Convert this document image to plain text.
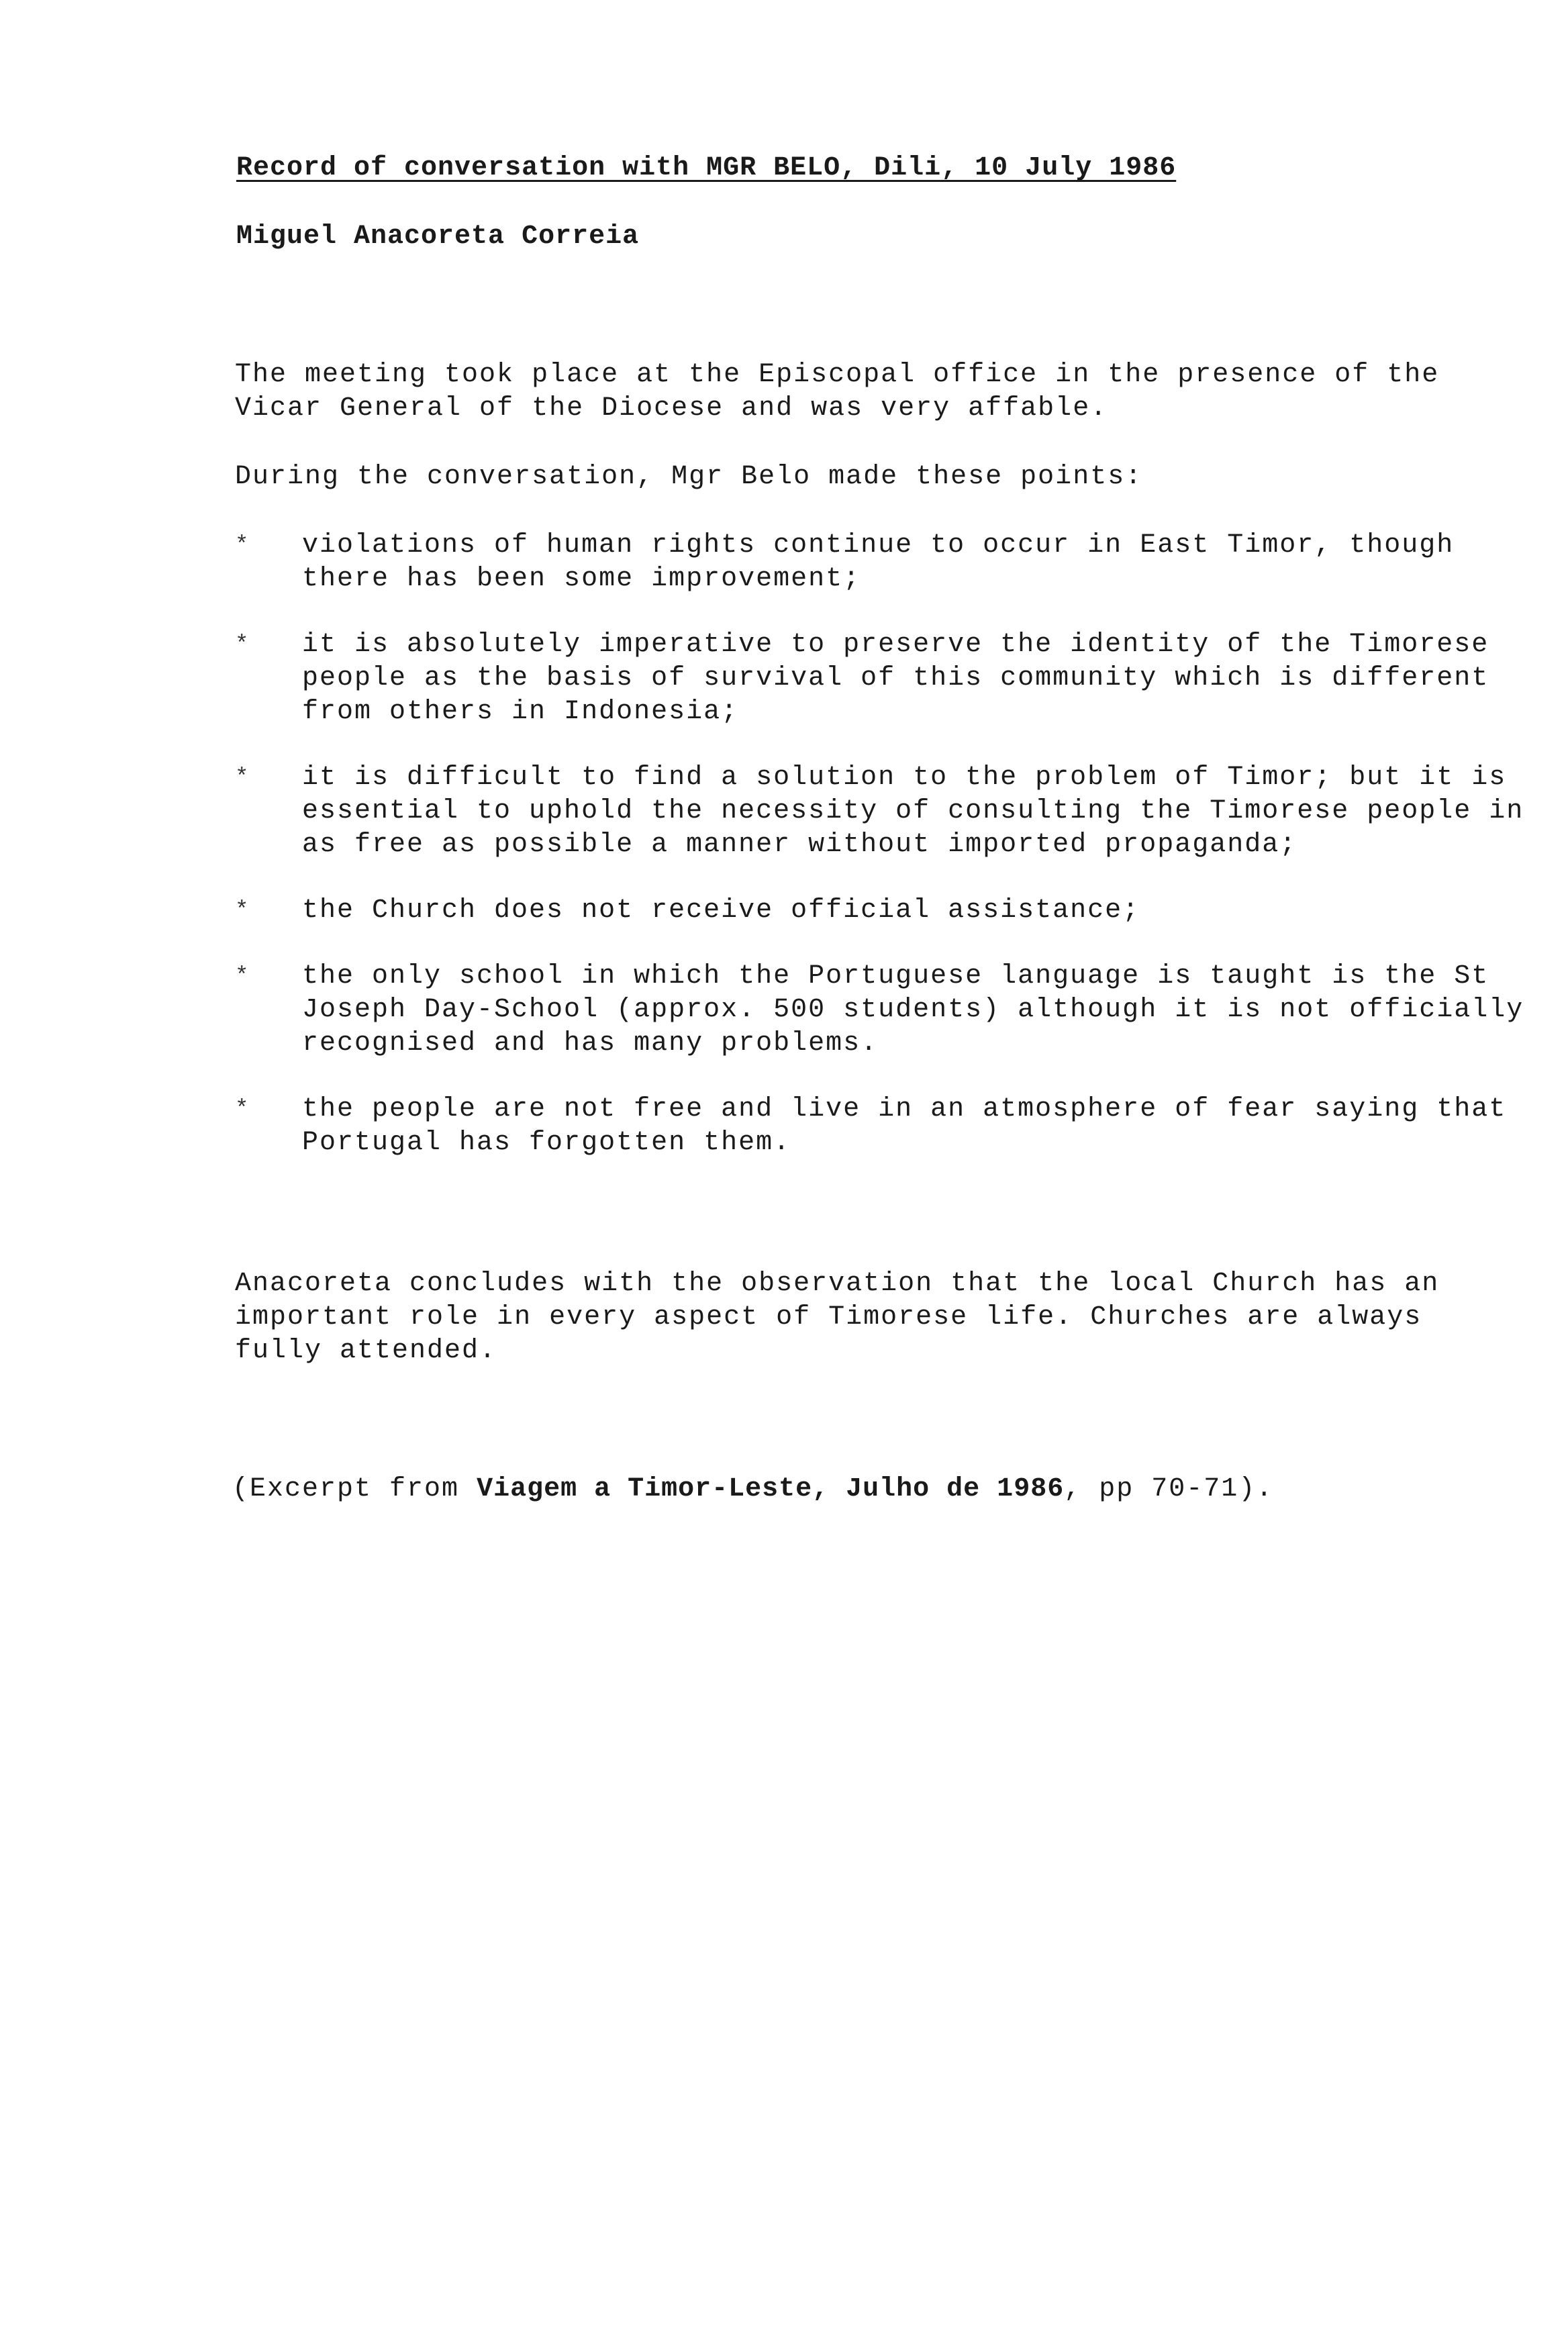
Record of conversation with MGR BELO, Dili, 10 July 1986
Miguel Anacoreta Correia
The meeting took place at the Episcopal office in the presence of the Vicar General of the Diocese and was very affable.
During the conversation, Mgr Belo made these points:
* violations of human rights continue to occur in East Timor, though there has been some improvement;
* it is absolutely imperative to preserve the identity of the Timorese people as the basis of survival of this community which is different from others in Indonesia;
* it is difficult to find a solution to the problem of Timor; but it is essential to uphold the necessity of consulting the Timorese people in as free as possible a manner without imported propaganda;
* the Church does not receive official assistance;
* the only school in which the Portuguese language is taught is the St Joseph Day-School (approx. 500 students) although it is not officially recognised and has many problems.
* the people are not free and live in an atmosphere of fear saying that Portugal has forgotten them.
Anacoreta concludes with the observation that the local Church has an important role in every aspect of Timorese life. Churches are always fully attended.
(Excerpt from Viagem a Timor-Leste, Julho de 1986, pp 70-71).
